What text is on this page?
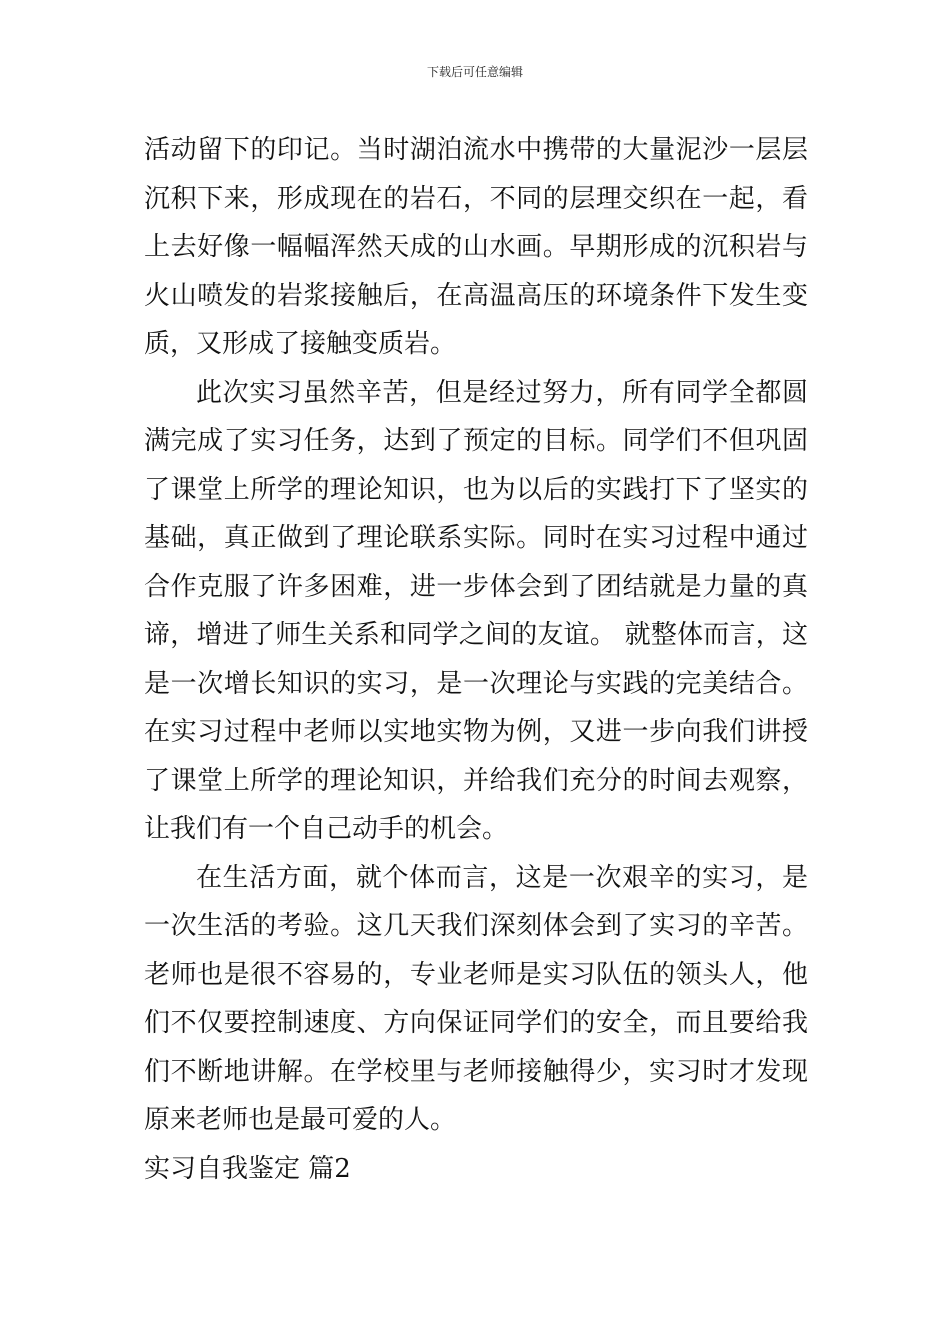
下载后可任意编辑
活动留下的印记。当时湖泊流水中携带的大量泥沙一层层
沉积下来，形成现在的岩石，不同的层理交织在一起，看
上去好像一幅幅浑然天成的山水画。早期形成的沉积岩与
火山喷发的岩浆接触后，在高温高压的环境条件下发生变
质，又形成了接触变质岩。
此次实习虽然辛苦，但是经过努力，所有同学全都圆
满完成了实习任务，达到了预定的目标。同学们不但巩固
了课堂上所学的理论知识，也为以后的实践打下了坚实的
基础，真正做到了理论联系实际。同时在实习过程中通过
合作克服了许多困难，进一步体会到了团结就是力量的真
谛，增进了师生关系和同学之间的友谊。 就整体而言，这
是一次增长知识的实习，是一次理论与实践的完美结合。
在实习过程中老师以实地实物为例，又进一步向我们讲授
了课堂上所学的理论知识，并给我们充分的时间去观察，
让我们有一个自己动手的机会。
在生活方面，就个体而言，这是一次艰辛的实习，是
一次生活的考验。这几天我们深刻体会到了实习的辛苦。
老师也是很不容易的，专业老师是实习队伍的领头人，他
们不仅要控制速度、方向保证同学们的安全，而且要给我
们不断地讲解。在学校里与老师接触得少，实习时才发现
原来老师也是最可爱的人。
实习自我鉴定 篇2
